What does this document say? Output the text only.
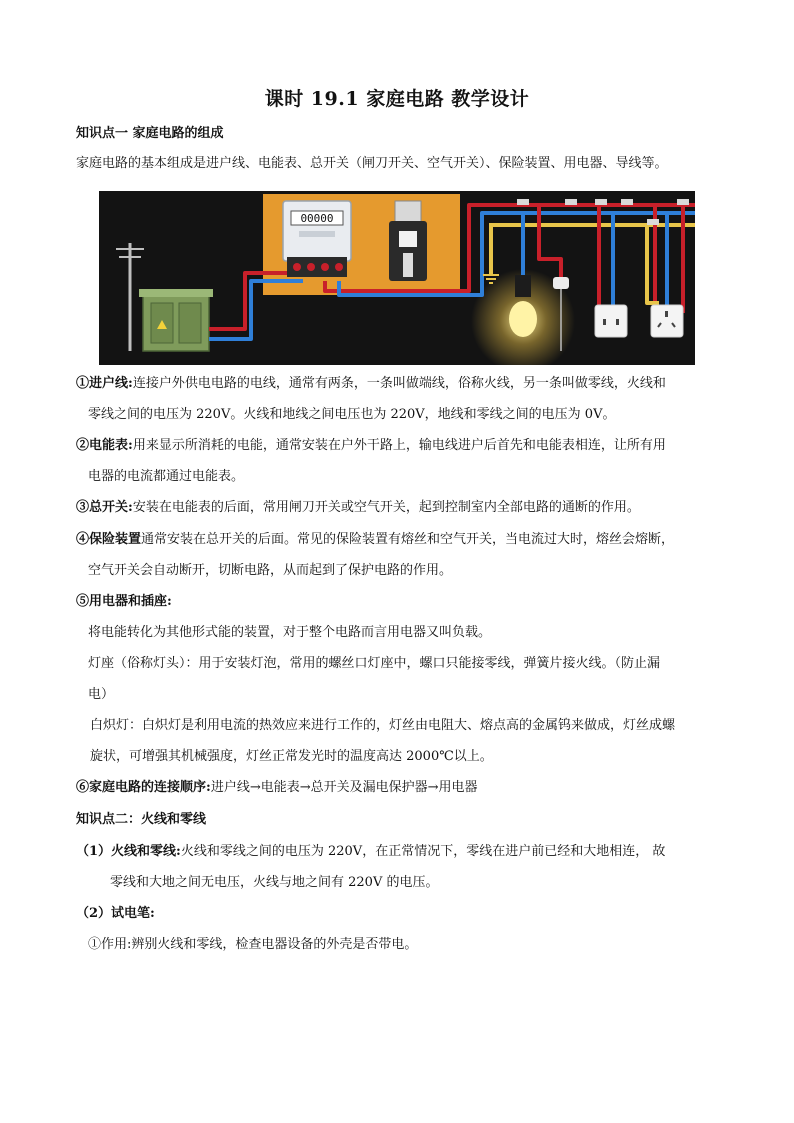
课时 19.1 家庭电路 教学设计
知识点一 家庭电路的组成
家庭电路的基本组成是进户线、电能表、总开关（闸刀开关、空气开关）、保险装置、用电器、导线等。
00000
①进户线:连接户外供电电路的电线，通常有两条，一条叫做端线，俗称火线，另一条叫做零线，火线和
零线之间的电压为 220V。火线和地线之间电压也为 220V，地线和零线之间的电压为 0V。
②电能表:用来显示所消耗的电能，通常安装在户外干路上，输电线进户后首先和电能表相连，让所有用
电器的电流都通过电能表。
③总开关:安装在电能表的后面，常用闸刀开关或空气开关，起到控制室内全部电路的通断的作用。
④保险装置通常安装在总开关的后面。常见的保险装置有熔丝和空气开关，当电流过大时，熔丝会熔断，
空气开关会自动断开，切断电路，从而起到了保护电路的作用。
⑤用电器和插座:
将电能转化为其他形式能的装置，对于整个电路而言用电器又叫负载。
灯座（俗称灯头）：用于安装灯泡，常用的螺丝口灯座中，螺口只能接零线，弹簧片接火线。（防止漏
电）
白炽灯：白炽灯是利用电流的热效应来进行工作的，灯丝由电阻大、熔点高的金属钨来做成，灯丝成螺
旋状，可增强其机械强度，灯丝正常发光时的温度高达 2000℃以上。
⑥家庭电路的连接顺序:进户线→电能表→总开关及漏电保护器→用电器
知识点二：火线和零线
（1）火线和零线:火线和零线之间的电压为 220V，在正常情况下，零线在进户前已经和大地相连， 故
零线和大地之间无电压，火线与地之间有 220V 的电压。
（2）试电笔:
①作用:辨别火线和零线，检查电器设备的外壳是否带电。
